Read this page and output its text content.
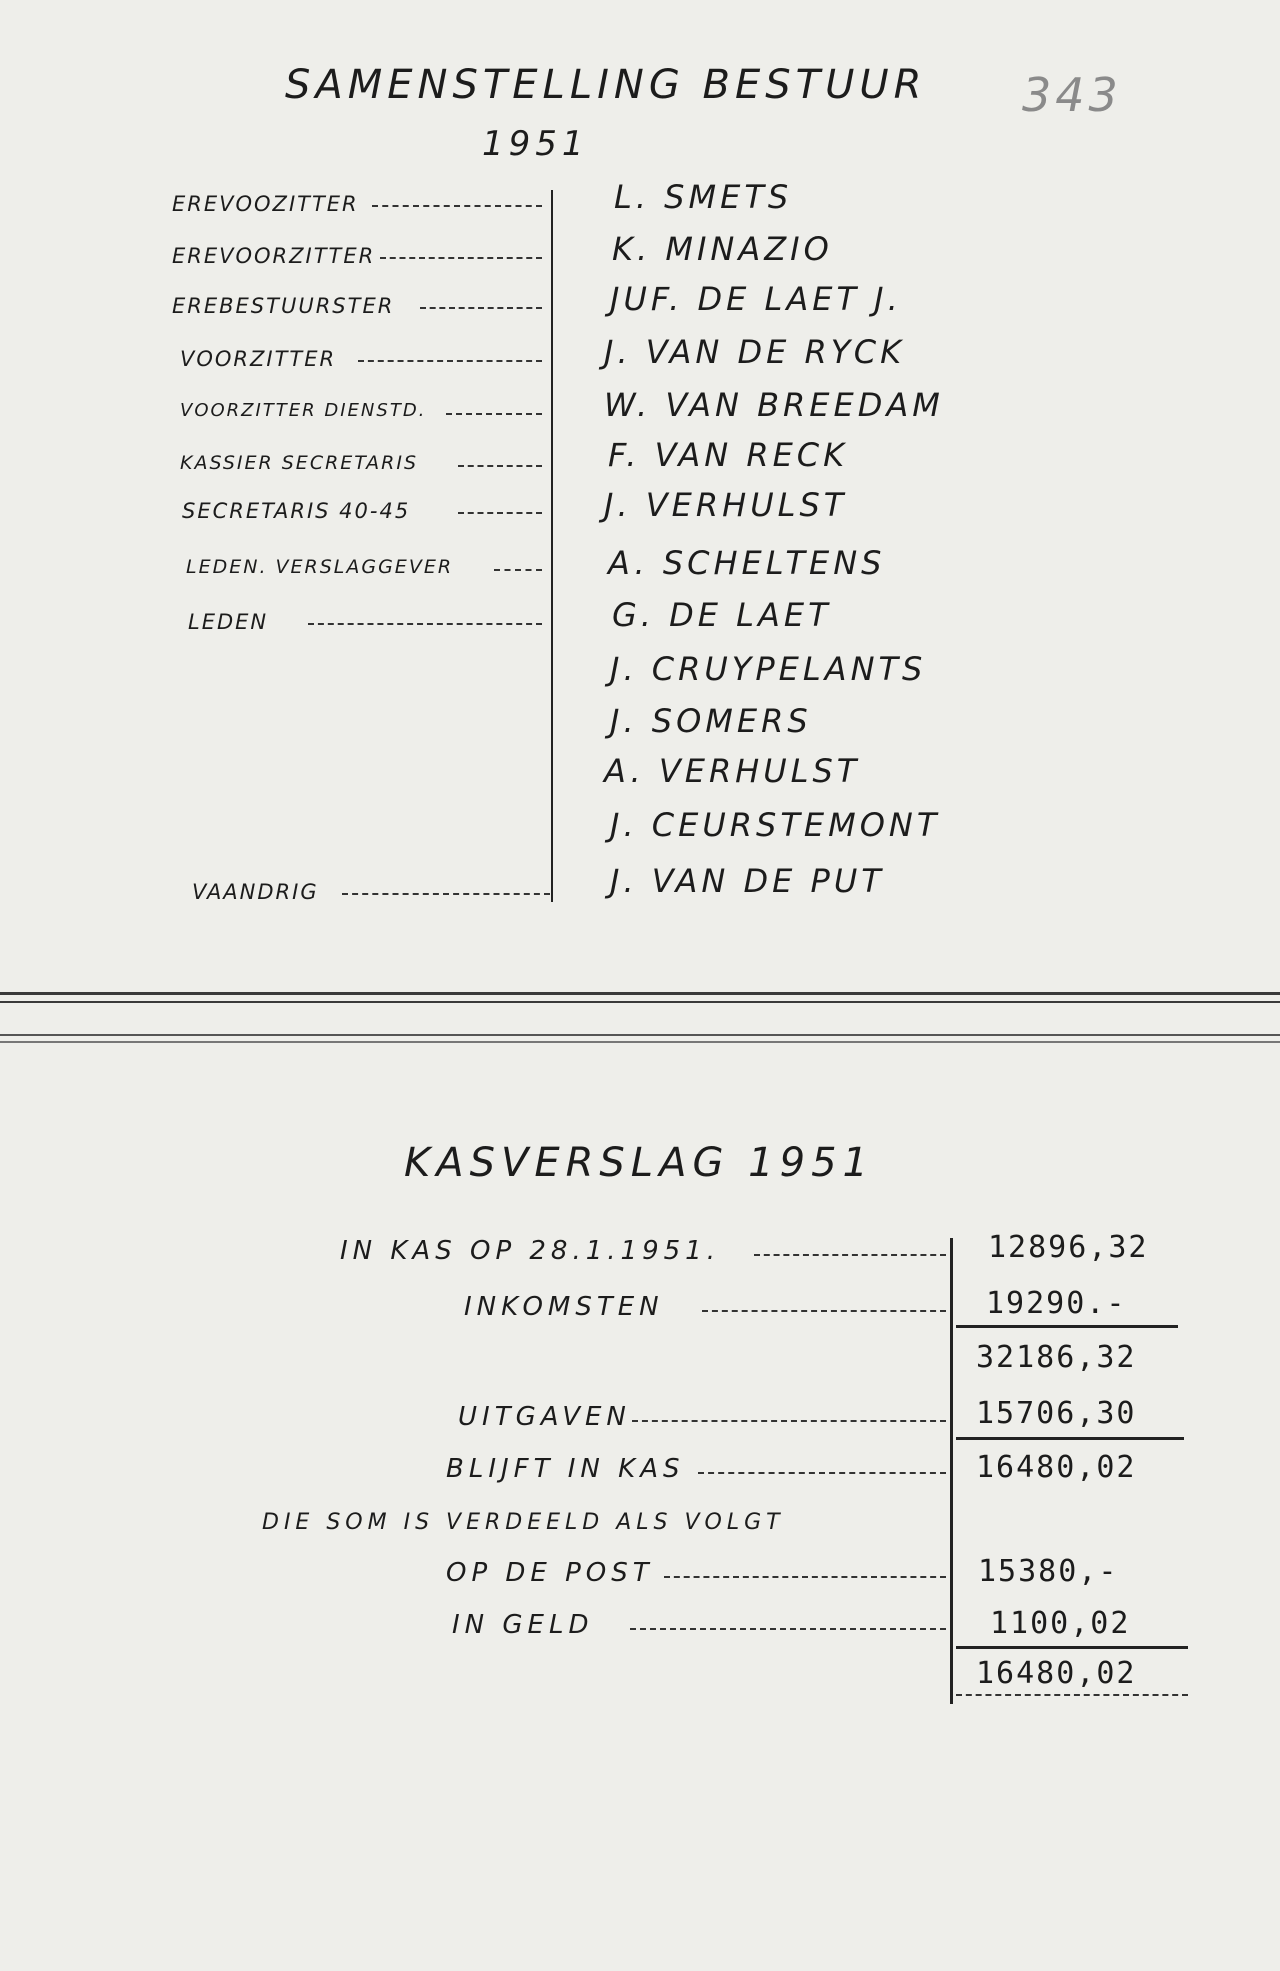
SAMENSTELLING BESTUUR
1951
343
EREVOOZITTER	L. SMETS
EREVOORZITTER	K. MINAZIO
EREBESTUURSTER	JUF. DE LAET J.
VOORZITTER	J. VAN DE RYCK
VOORZITTER DIENSTD.	W. VAN BREEDAM
KASSIER SECRETARIS	F. VAN RECK
SECRETARIS 40-45	J. VERHULST
LEDEN. VERSLAGGEVER	A. SCHELTENS
LEDEN	G. DE LAET
J. CRUYPELANTS
J. SOMERS
A. VERHULST
J. CEURSTEMONT
VAANDRIG	J. VAN DE PUT
KASVERSLAG 1951
IN KAS OP 28.1.1951.	12896,32
INKOMSTEN	19290.-
32186,32
UITGAVEN	15706,30
BLIJFT IN KAS	16480,02
DIE SOM IS VERDEELD ALS VOLGT
OP DE POST	15380,-
IN GELD	1100,02
16480,02
